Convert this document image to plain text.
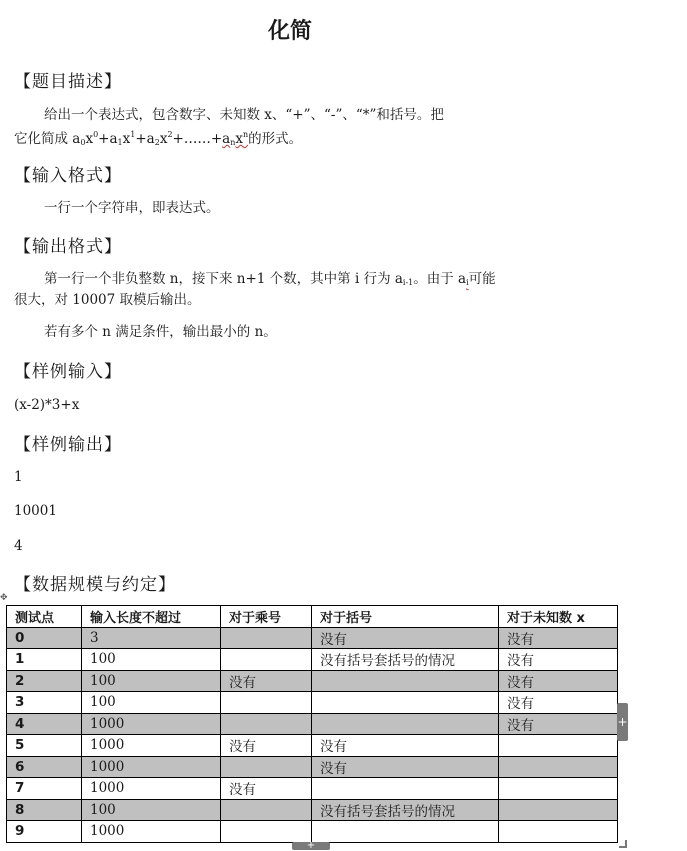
化简
【题目描述】
给出一个表达式，包含数字、未知数 x、“+”、“-”、“*”和括号。把
它化简成 $a_0x^0+a_1x^1+a_2x^2+\dots\dots+a_nx^n$的形式。
【输入格式】
一行一个字符串，即表达式。
【输出格式】
第一行一个非负整数 n，接下来 n+1 个数，其中第 i 行为 $a_{i-1}$。由于 $a_i$可能
很大，对 10007 取模后输出。
若有多个 n 满足条件，输出最小的 n。
【样例输入】
(x-2)*3+x
【样例输出】
1
10001
4
【数据规模与约定】
✥
测试点	输入长度不超过	对于乘号	对于括号	对于未知数 x
0	3		没有	没有
1	100		没有括号套括号的情况	没有
2	100	没有		没有
3	100			没有
4	1000			没有
5	1000	没有	没有	
6	1000		没有	
7	1000	没有		
8	100		没有括号套括号的情况	
9	1000			
+
+
